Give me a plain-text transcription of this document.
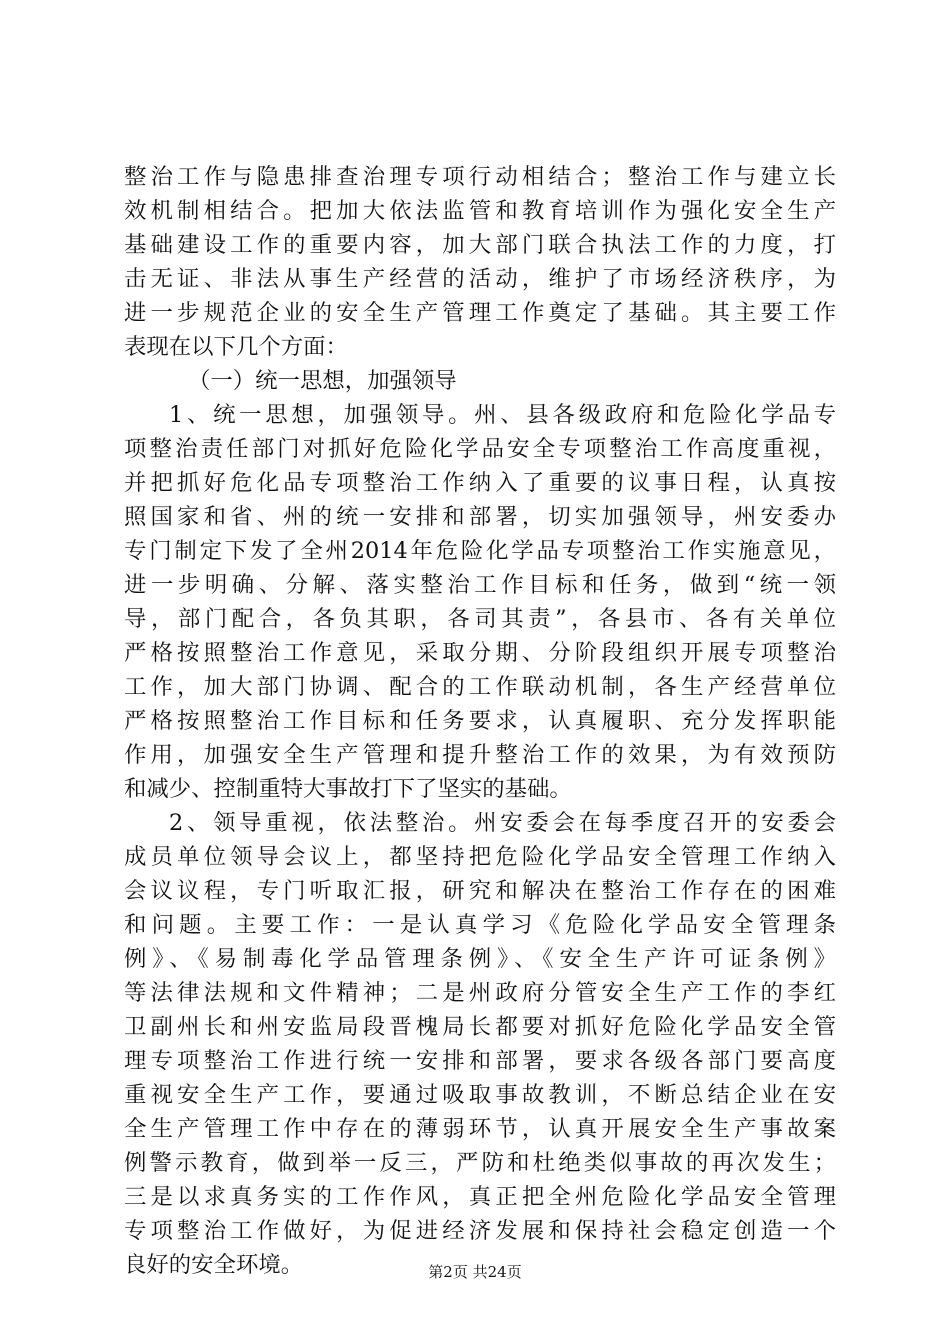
整治工作与隐患排查治理专项行动相结合；整治工作与建立长
效机制相结合。把加大依法监管和教育培训作为强化安全生产
基础建设工作的重要内容，加大部门联合执法工作的力度，打
击无证、非法从事生产经营的活动，维护了市场经济秩序，为
进一步规范企业的安全生产管理工作奠定了基础。其主要工作
表现在以下几个方面：
（一）统一思想，加强领导
1、统一思想，加强领导。州、县各级政府和危险化学品专
项整治责任部门对抓好危险化学品安全专项整治工作高度重视，
并把抓好危化品专项整治工作纳入了重要的议事日程，认真按
照国家和省、州的统一安排和部署，切实加强领导，州安委办
专门制定下发了全州2014年危险化学品专项整治工作实施意见，
进一步明确、分解、落实整治工作目标和任务，做到“统一领
导，部门配合，各负其职，各司其责”，各县市、各有关单位
严格按照整治工作意见，采取分期、分阶段组织开展专项整治
工作，加大部门协调、配合的工作联动机制，各生产经营单位
严格按照整治工作目标和任务要求，认真履职、充分发挥职能
作用，加强安全生产管理和提升整治工作的效果，为有效预防
和减少、控制重特大事故打下了坚实的基础。
2、领导重视，依法整治。州安委会在每季度召开的安委会
成员单位领导会议上，都坚持把危险化学品安全管理工作纳入
会议议程，专门听取汇报，研究和解决在整治工作存在的困难
和问题。主要工作：一是认真学习《危险化学品安全管理条
例》、《易制毒化学品管理条例》、《安全生产许可证条例》
等法律法规和文件精神；二是州政府分管安全生产工作的李红
卫副州长和州安监局段晋槐局长都要对抓好危险化学品安全管
理专项整治工作进行统一安排和部署，要求各级各部门要高度
重视安全生产工作，要通过吸取事故教训，不断总结企业在安
全生产管理工作中存在的薄弱环节，认真开展安全生产事故案
例警示教育，做到举一反三，严防和杜绝类似事故的再次发生；
三是以求真务实的工作作风，真正把全州危险化学品安全管理
专项整治工作做好，为促进经济发展和保持社会稳定创造一个
良好的安全环境。	第2页 共24页
